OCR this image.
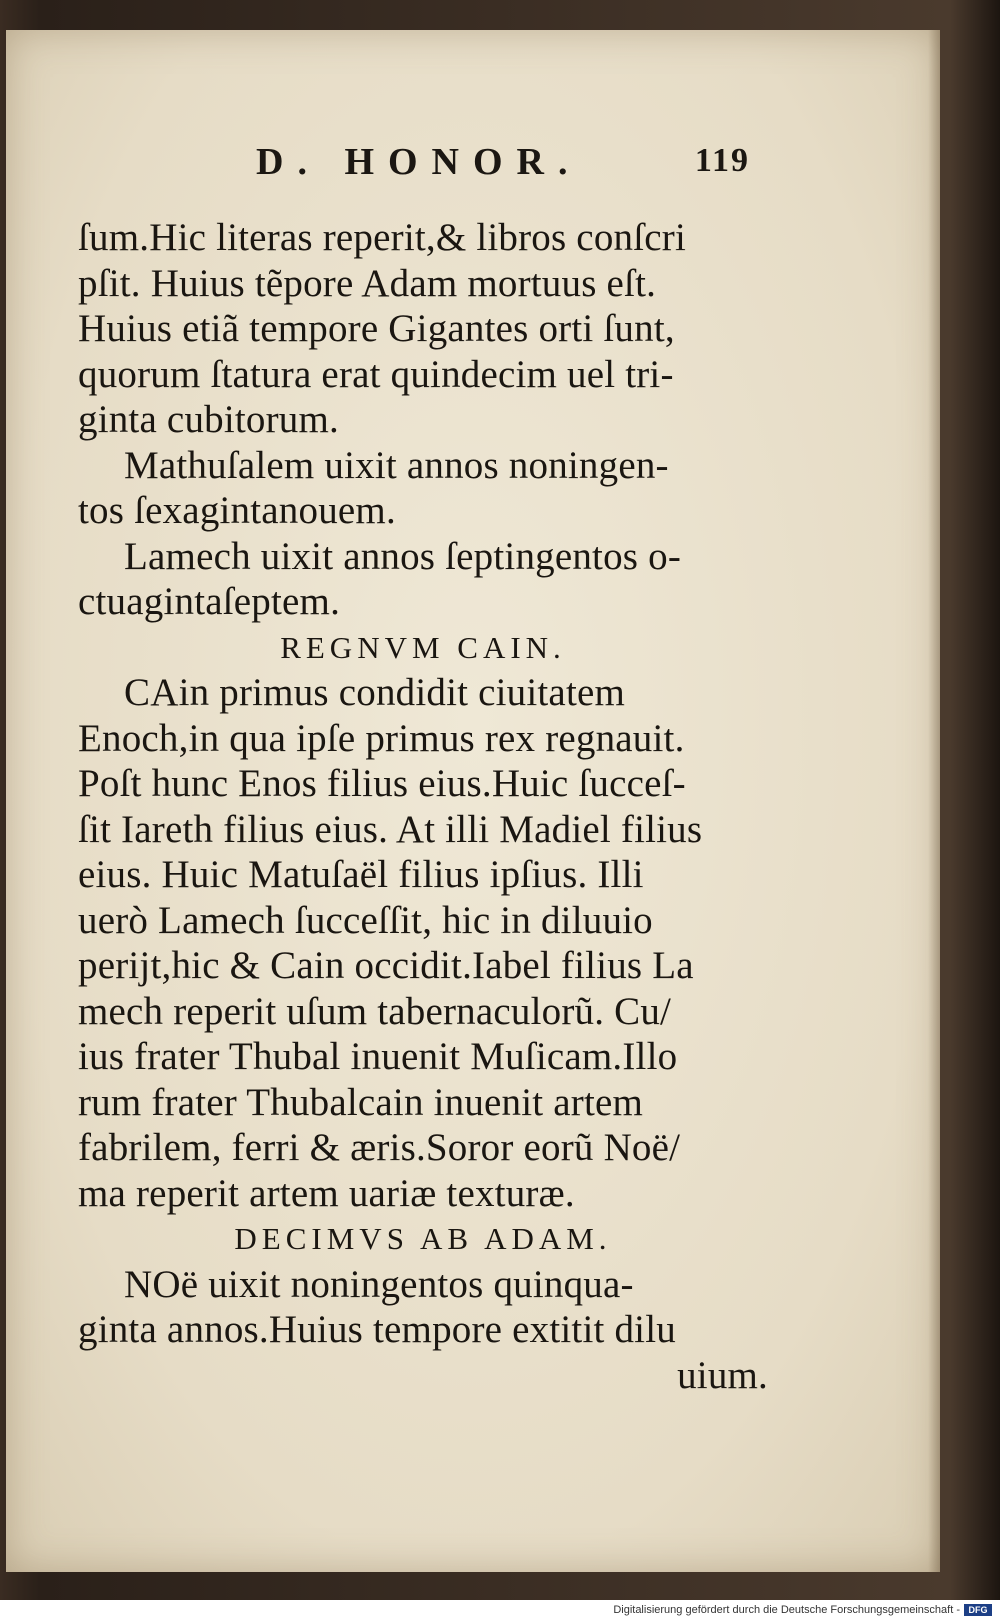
D. HONOR.	119
ſum.Hic literas reperit,& libros conſcri
pſit. Huius tẽpore Adam mortuus eſt.
Huius etiã tempore Gigantes orti ſunt,
quorum ſtatura erat quindecim uel tri-
ginta cubitorum.
Mathuſalem uixit annos noningen-
tos ſexagintanouem.
Lamech uixit annos ſeptingentos o-
ctuagintaſeptem.
REGNVM CAIN.
CAin primus condidit ciuitatem
Enoch,in qua ipſe primus rex regnauit.
Poſt hunc Enos filius eius.Huic ſucceſ-
ſit Iareth filius eius. At illi Madiel filius
eius. Huic Matuſaël filius ipſius. Illi
uerò Lamech ſucceſſit, hic in diluuio
perijt,hic & Cain occidit.Iabel filius La
mech reperit uſum tabernaculorũ. Cu/
ius frater Thubal inuenit Muſicam.Illo
rum frater Thubalcain inuenit artem
fabrilem, ferri & æris.Soror eorũ Noë/
ma reperit artem uariæ texturæ.
DECIMVS AB ADAM.
NOë uixit noningentos quinqua-
ginta annos.Huius tempore extitit dilu
uium.
Digitalisierung gefördert durch die Deutsche Forschungsgemeinschaft - DFG
